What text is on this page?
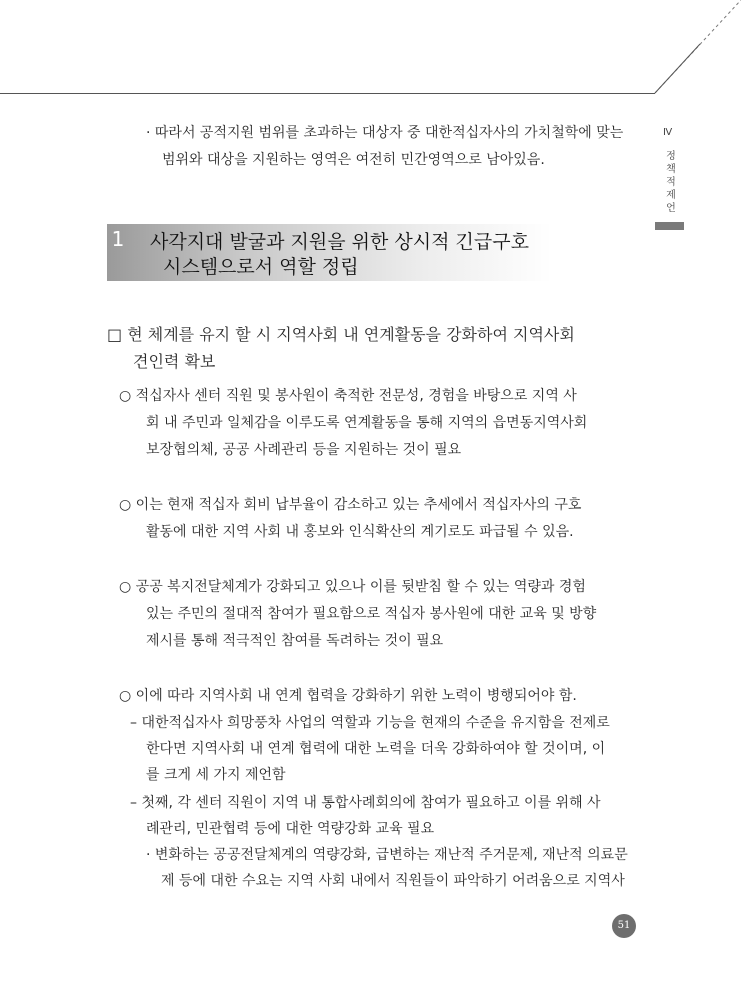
Ⅳ
정
책
적
제
언
· 따라서 공적지원 범위를 초과하는 대상자 중 대한적십자사의 가치철학에 맞는
범위와 대상을 지원하는 영역은 여전히 민간영역으로 남아있음.
1 사각지대 발굴과 지원을 위한 상시적 긴급구호
시스템으로서 역할 정립
□ 현 체계를 유지 할 시 지역사회 내 연계활동을 강화하여 지역사회
견인력 확보
○ 적십자사 센터 직원 및 봉사원이 축적한 전문성, 경험을 바탕으로 지역 사
회 내 주민과 일체감을 이루도록 연계활동을 통해 지역의 읍면동지역사회
보장협의체, 공공 사례관리 등을 지원하는 것이 필요
○ 이는 현재 적십자 회비 납부율이 감소하고 있는 추세에서 적십자사의 구호
활동에 대한 지역 사회 내 홍보와 인식확산의 계기로도 파급될 수 있음.
○ 공공 복지전달체계가 강화되고 있으나 이를 뒷받침 할 수 있는 역량과 경험
있는 주민의 절대적 참여가 필요함으로 적십자 봉사원에 대한 교육 및 방향
제시를 통해 적극적인 참여를 독려하는 것이 필요
○ 이에 따라 지역사회 내 연계 협력을 강화하기 위한 노력이 병행되어야 함.
– 대한적십자사 희망풍차 사업의 역할과 기능을 현재의 수준을 유지함을 전제로
한다면 지역사회 내 연계 협력에 대한 노력을 더욱 강화하여야 할 것이며, 이
를 크게 세 가지 제언함
– 첫째, 각 센터 직원이 지역 내 통합사례회의에 참여가 필요하고 이를 위해 사
례관리, 민관협력 등에 대한 역량강화 교육 필요
· 변화하는 공공전달체계의 역량강화, 급변하는 재난적 주거문제, 재난적 의료문
제 등에 대한 수요는 지역 사회 내에서 직원들이 파악하기 어려움으로 지역사
51
